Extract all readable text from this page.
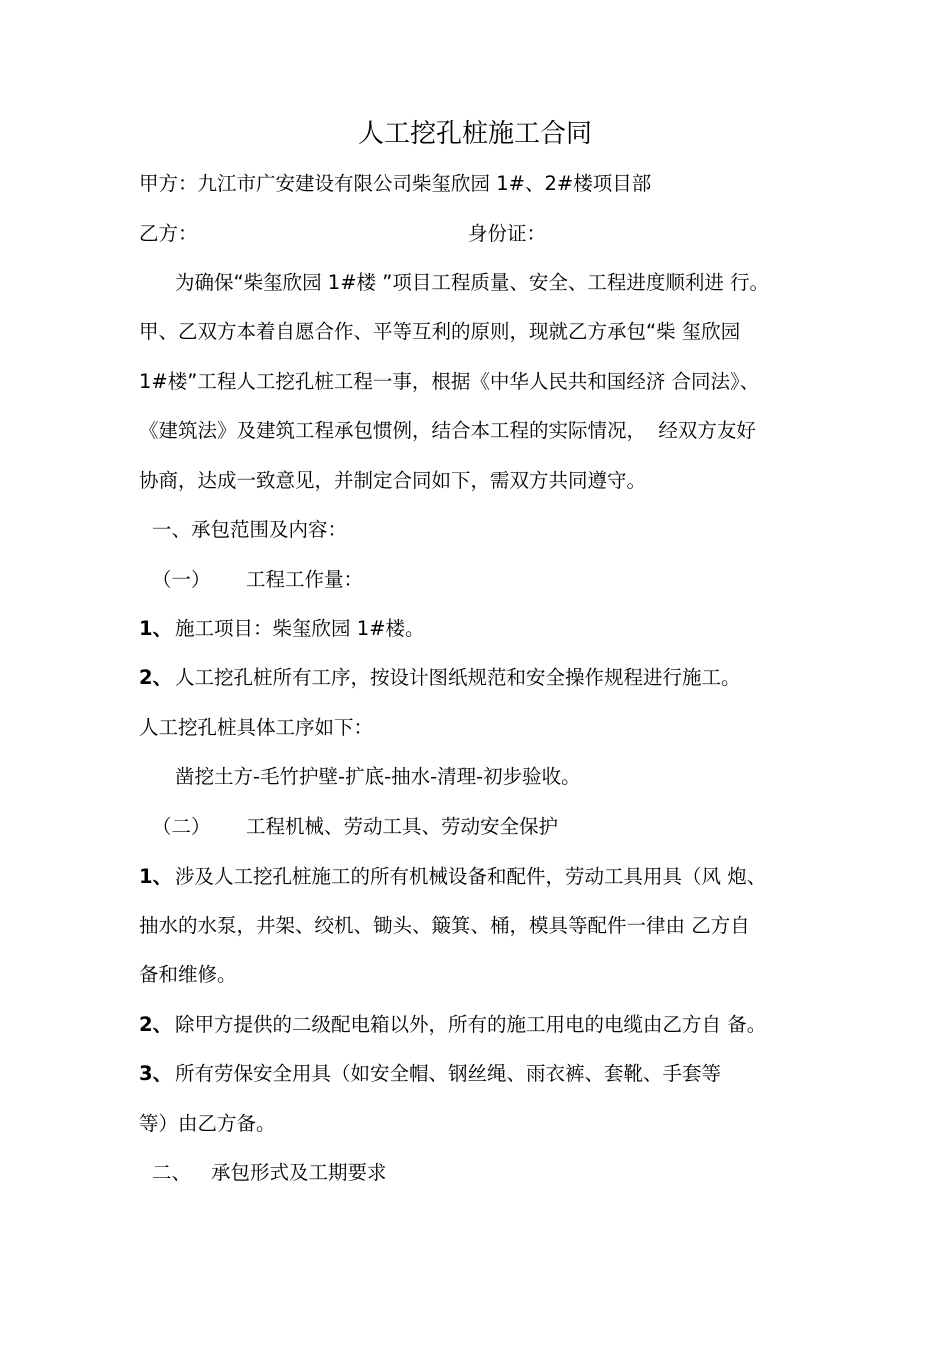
人工挖孔桩施工合同
甲方：九江市广安建设有限公司柴玺欣园 1#、2#楼项目部
乙方：	身份证：
为确保“柴玺欣园 1#楼 ”项目工程质量、安全、工程进度顺利进 行。
甲、乙双方本着自愿合作、平等互利的原则，现就乙方承包“柴 玺欣园
1#楼”工程人工挖孔桩工程一事，根据《中华人民共和国经济 合同法》、
《建筑法》及建筑工程承包惯例，结合本工程的实际情况，  经双方友好
协商，达成一致意见，并制定合同如下，需双方共同遵守。
一、承包范围及内容：
（一） 工程工作量：
1、 施工项目：柴玺欣园 1#楼。
2、 人工挖孔桩所有工序，按设计图纸规范和安全操作规程进行施工。
人工挖孔桩具体工序如下：
凿挖土方-毛竹护壁-扩底-抽水-清理-初步验收。
（二） 工程机械、劳动工具、劳动安全保护
1、 涉及人工挖孔桩施工的所有机械设备和配件，劳动工具用具（风 炮、
抽水的水泵，井架、绞机、锄头、簸箕、桶，模具等配件一律由 乙方自
备和维修。
2、 除甲方提供的二级配电箱以外，所有的施工用电的电缆由乙方自 备。
3、 所有劳保安全用具（如安全帽、钢丝绳、雨衣裤、套靴、手套等
等）由乙方备。
二、 承包形式及工期要求
